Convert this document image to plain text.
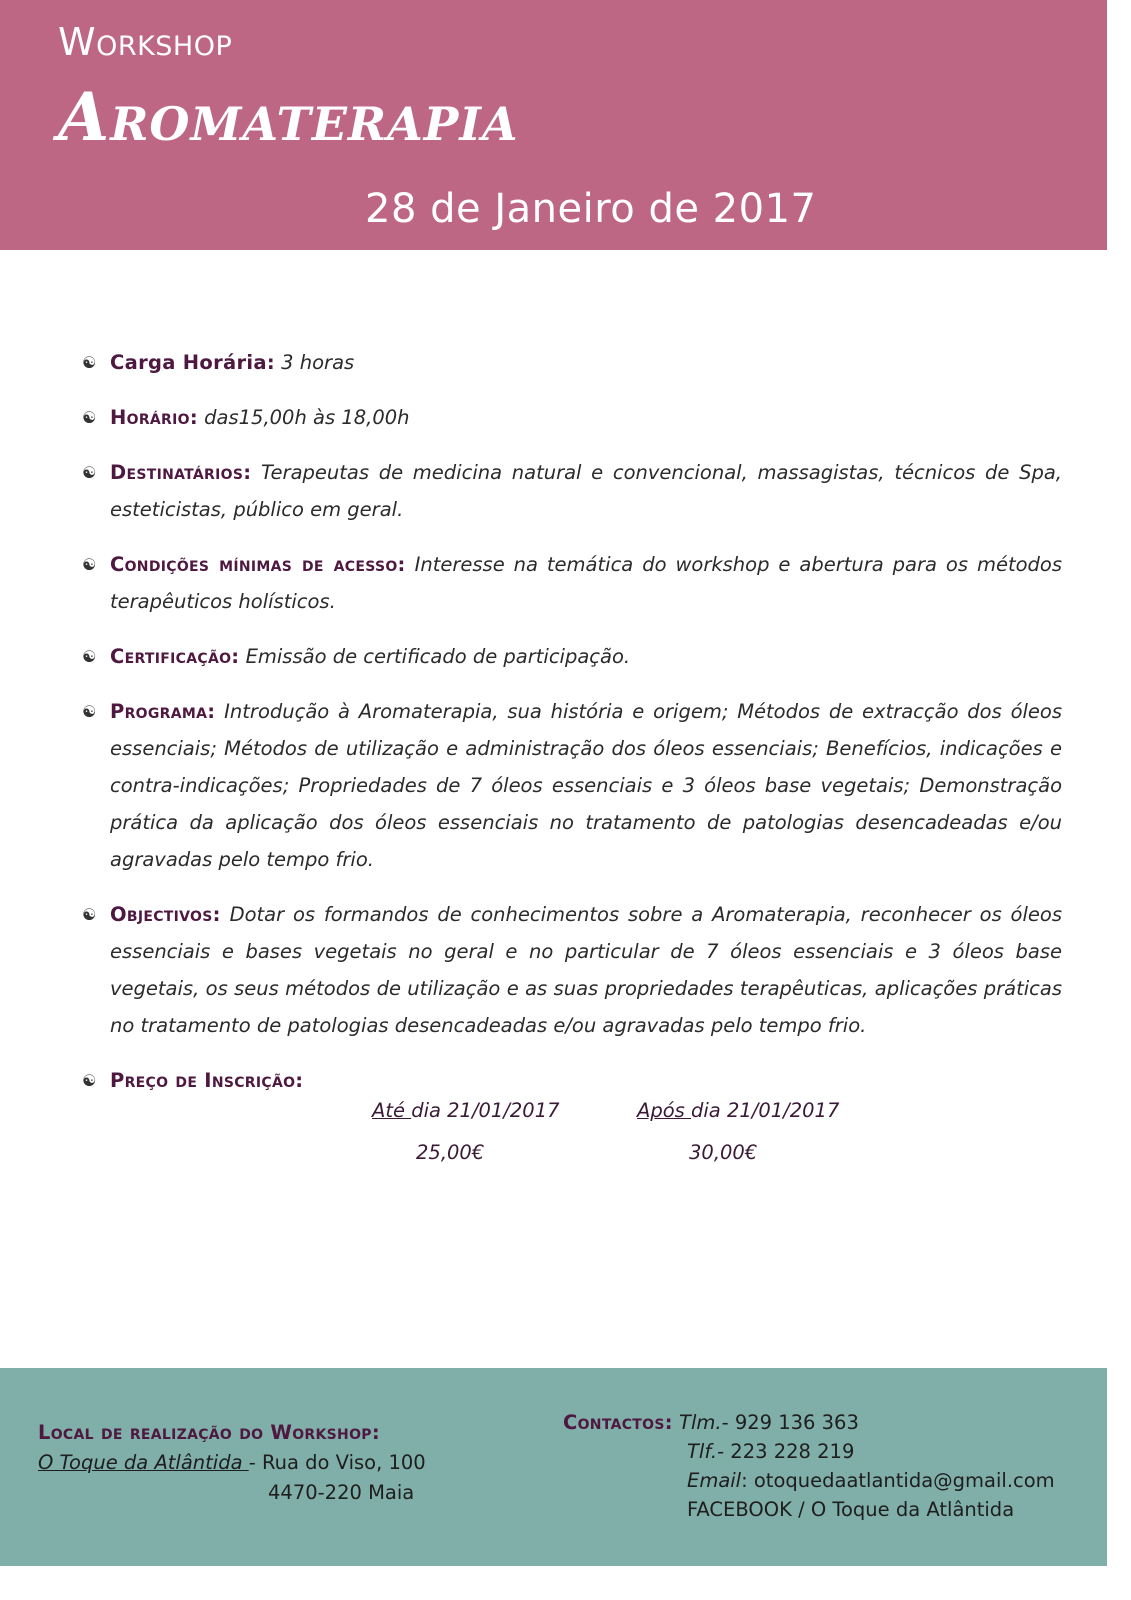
Workshop
Aromaterapia
28 de Janeiro de 2017
☯ Carga Horária: 3 horas
☯ Horário: das15,00h às 18,00h
☯ Destinatários: Terapeutas de medicina natural e convencional, massagistas, técnicos de Spa, esteticistas, público em geral.
☯ Condições mínimas de acesso: Interesse na temática do workshop e abertura para os métodos terapêuticos holísticos.
☯ Certificação: Emissão de certificado de participação.
☯ Programa: Introdução à Aromaterapia, sua história e origem; Métodos de extracção dos óleos essenciais; Métodos de utilização e administração dos óleos essenciais; Benefícios, indicações e contra-indicações; Propriedades de 7 óleos essenciais e 3 óleos base vegetais; Demonstração prática da aplicação dos óleos essenciais no tratamento de patologias desencadeadas e/ou agravadas pelo tempo frio.
☯ Objectivos: Dotar os formandos de conhecimentos sobre a Aromaterapia, reconhecer os óleos essenciais e bases vegetais no geral e no particular de 7 óleos essenciais e 3 óleos base vegetais, os seus métodos de utilização e as suas propriedades terapêuticas, aplicações práticas no tratamento de patologias desencadeadas e/ou agravadas pelo tempo frio.
☯ Preço de Inscrição:
Até dia 21/01/2017
25,00€
Após dia 21/01/2017
30,00€
Local de realização do Workshop:
O Toque da Atlântida - Rua do Viso, 100
4470-220 Maia
Contactos: Tlm.- 929 136 363
Tlf.- 223 228 219
Email: otoquedaatlantida@gmail.com
FACEBOOK / O Toque da Atlântida
